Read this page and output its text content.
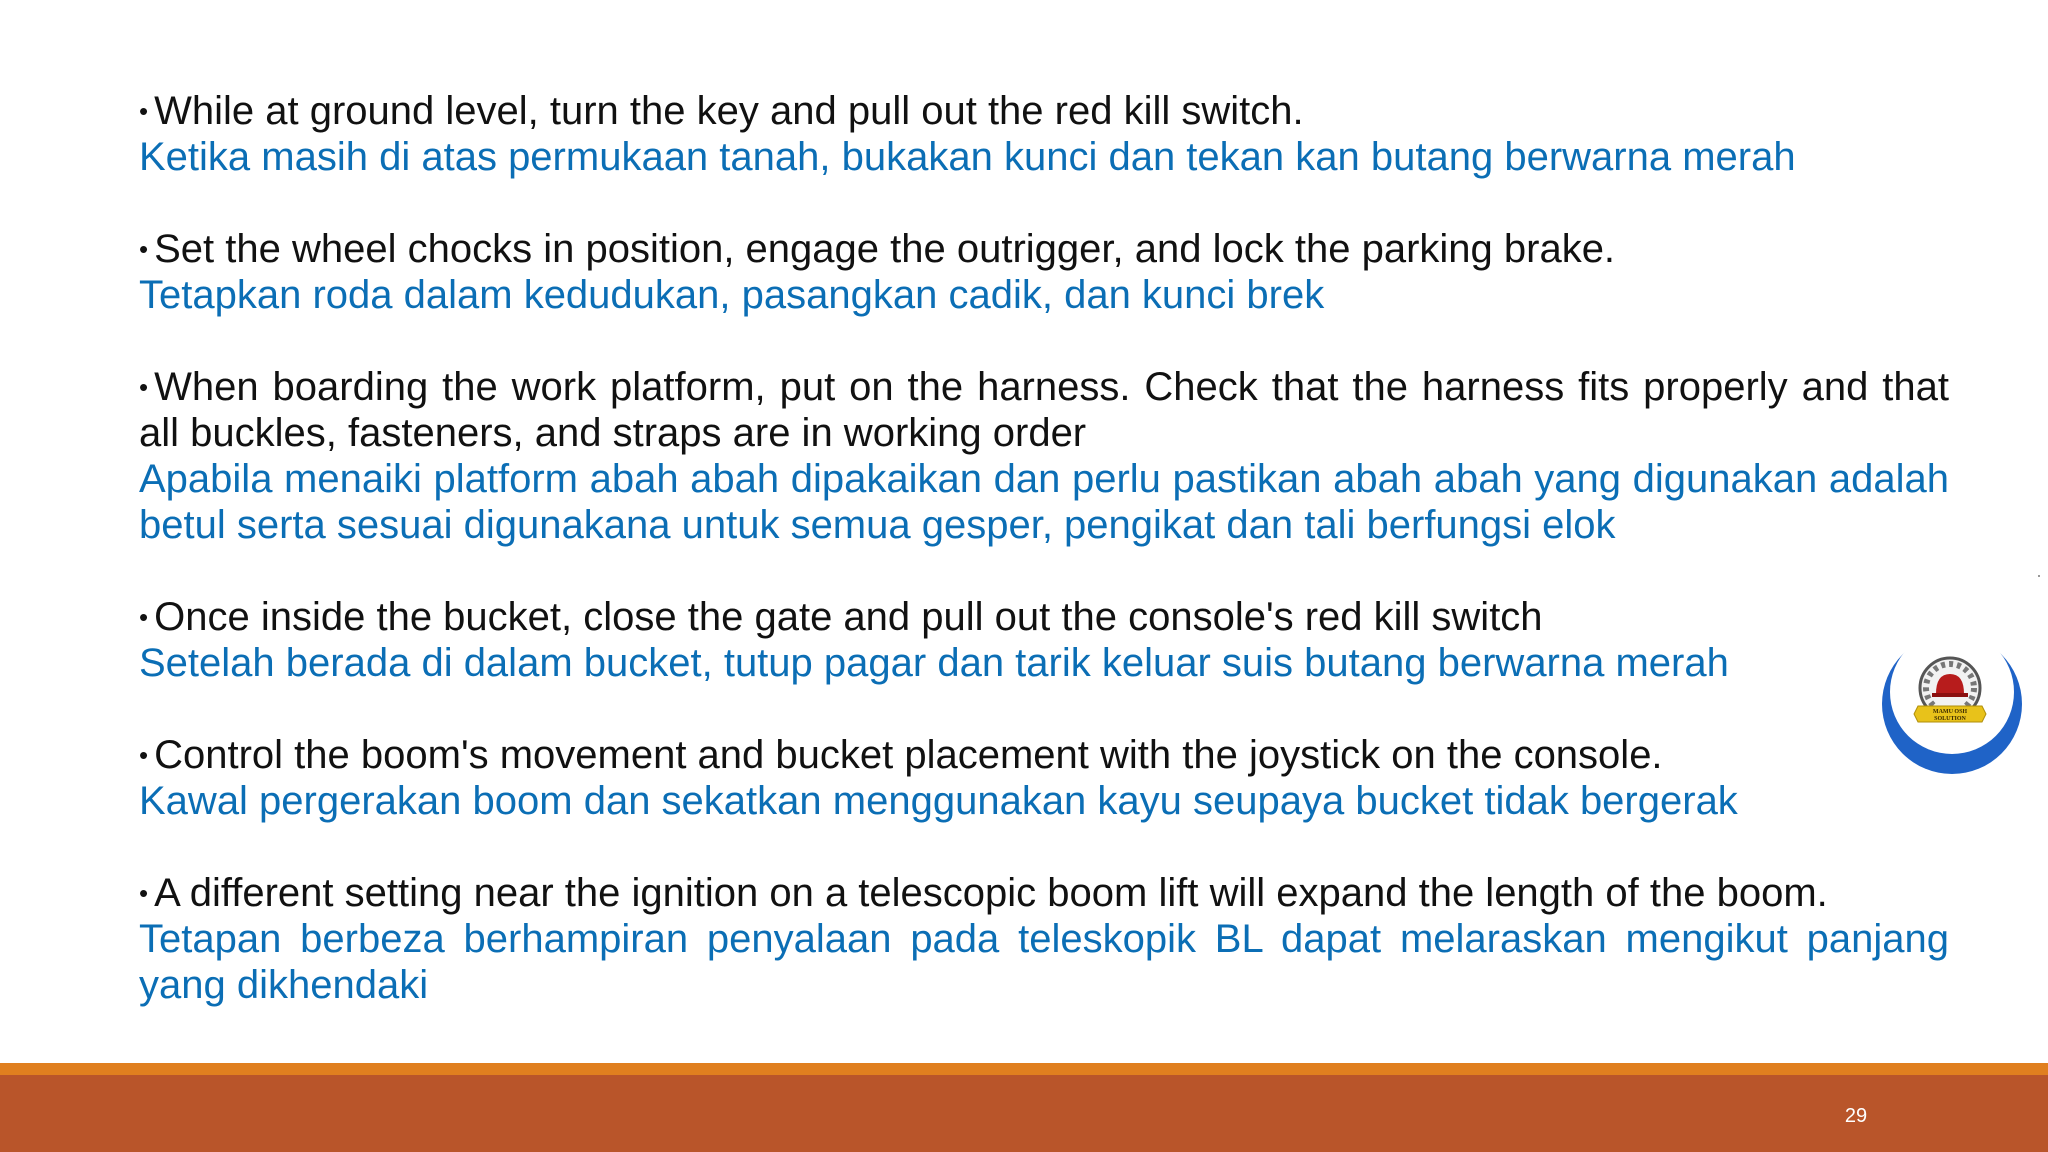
• While at ground level, turn the key and pull out the red kill switch.

Ketika masih di atas permukaan tanah, bukakan kunci dan tekan kan butang berwarna merah

• Set the wheel chocks in position, engage the outrigger, and lock the parking brake.

Tetapkan roda dalam kedudukan, pasangkan cadik, dan kunci brek

• When boarding the work platform, put on the harness. Check that the harness fits properly and that all buckles, fasteners, and straps are in working order

Apabila menaiki platform abah abah dipakaikan dan perlu pastikan abah abah yang digunakan adalah betul serta sesuai digunakana untuk semua gesper, pengikat dan tali berfungsi elok

• Once inside the bucket, close the gate and pull out the console's red kill switch

Setelah berada di dalam bucket, tutup pagar dan tarik keluar suis butang berwarna merah

• Control the boom's movement and bucket placement with the joystick on the console.

Kawal pergerakan boom dan sekatkan menggunakan kayu seupaya bucket tidak bergerak

• A different setting near the ignition on a telescopic boom lift will expand the length of the boom.

Tetapan berbeza berhampiran penyalaan pada teleskopik BL dapat melaraskan mengikut panjang yang dikhendaki

MAMU OSH
SOLUTION
29
